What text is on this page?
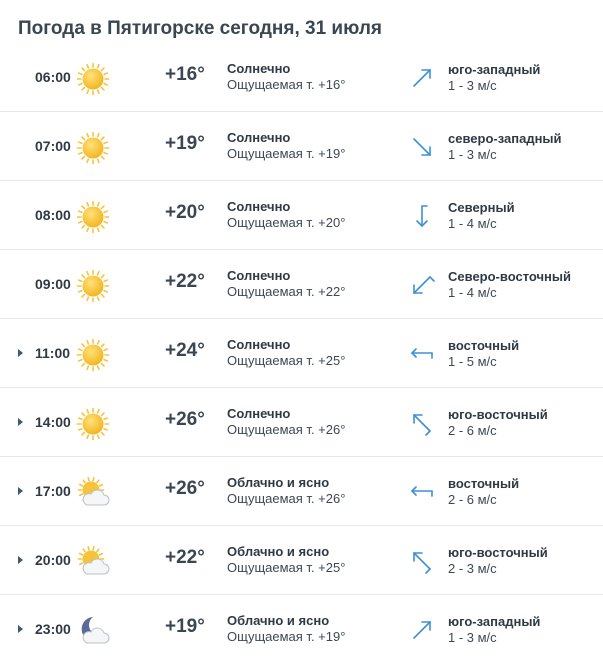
Погода в Пятигорске сегодня, 31 июля
06:00	+16° Солнечно
Ощущаемая т. +16°
юго-западный
1 - 3 м/с
07:00	+19° Солнечно
Ощущаемая т. +19°
северо-западный
1 - 3 м/с
08:00	+20° Солнечно
Ощущаемая т. +20°
Северный
1 - 4 м/с
09:00	+22° Солнечно
Ощущаемая т. +22°
Северо-восточный
1 - 4 м/с
11:00	+24° Солнечно
Ощущаемая т. +25°
восточный
1 - 5 м/с
14:00	+26° Солнечно
Ощущаемая т. +26°
юго-восточный
2 - 6 м/с
17:00	+26° Облачно и ясно
Ощущаемая т. +26°
восточный
2 - 6 м/с
20:00	+22° Облачно и ясно
Ощущаемая т. +25°
юго-восточный
2 - 3 м/с
23:00	+19° Облачно и ясно
Ощущаемая т. +19°
юго-западный
1 - 3 м/с
